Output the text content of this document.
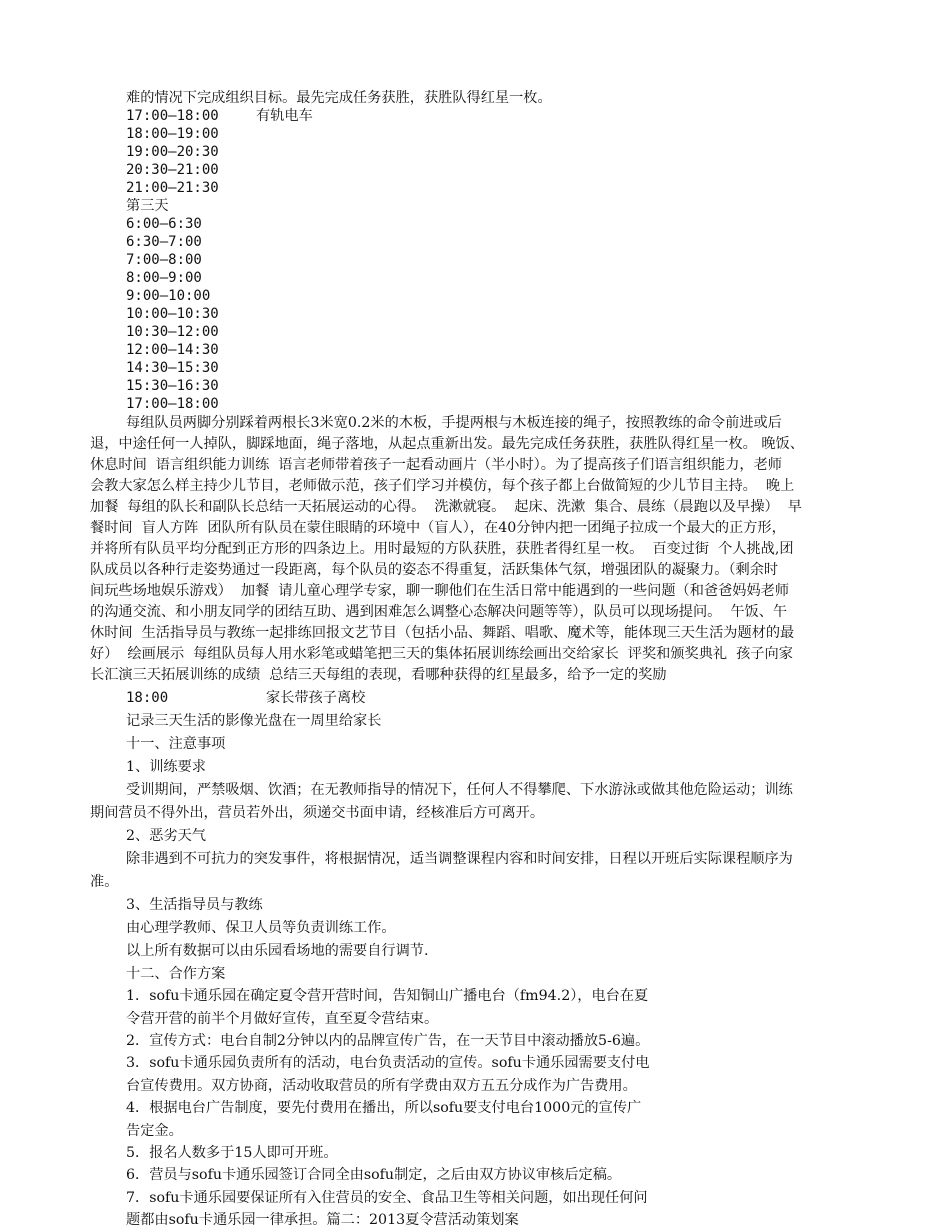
难的情况下完成组织目标。最先完成任务获胜，获胜队得红星一枚。
17:00—18:00	有轨电车
18:00—19:00
19:00—20:30
20:30—21:00
21:00—21:30
第三天
6:00—6:30
6:30—7:00
7:00—8:00
8:00—9:00
9:00—10:00
10:00—10:30
10:30—12:00
12:00—14:30
14:30—15:30
15:30—16:30
17:00—18:00
每组队员两脚分别踩着两根长3米宽0.2米的木板，手提两根与木板连接的绳子，按照教练的命令前进或后
退，中途任何一人掉队，脚踩地面，绳子落地，从起点重新出发。最先完成任务获胜，获胜队得红星一枚。 晚饭、
休息时间  语言组织能力训练  语言老师带着孩子一起看动画片（半小时）。为了提高孩子们语言组织能力，老师
会教大家怎么样主持少儿节目，老师做示范，孩子们学习并模仿，每个孩子都上台做简短的少儿节目主持。  晚上
加餐  每组的队长和副队长总结一天拓展运动的心得。  洗漱就寝。  起床、洗漱  集合、晨练（晨跑以及早操）  早
餐时间  盲人方阵  团队所有队员在蒙住眼睛的环境中（盲人），在40分钟内把一团绳子拉成一个最大的正方形，
并将所有队员平均分配到正方形的四条边上。用时最短的方队获胜，获胜者得红星一枚。  百变过街  个人挑战,团
队成员以各种行走姿势通过一段距离，每个队员的姿态不得重复，活跃集体气氛，增强团队的凝聚力。（剩余时
间玩些场地娱乐游戏）  加餐  请儿童心理学专家，聊一聊他们在生活日常中能遇到的一些问题（和爸爸妈妈老师
的沟通交流、和小朋友同学的团结互助、遇到困难怎么调整心态解决问题等等），队员可以现场提问。  午饭、午
休时间  生活指导员与教练一起排练回报文艺节目（包括小品、舞蹈、唱歌、魔术等，能体现三天生活为题材的最
好）  绘画展示  每组队员每人用水彩笔或蜡笔把三天的集体拓展训练绘画出交给家长  评奖和颁奖典礼  孩子向家
长汇演三天拓展训练的成绩  总结三天每组的表现，看哪种获得的红星最多，给予一定的奖励
18:00	家长带孩子离校
记录三天生活的影像光盘在一周里给家长
十一、注意事项
1、训练要求
受训期间，严禁吸烟、饮酒；在无教师指导的情况下，任何人不得攀爬、下水游泳或做其他危险运动；训练
期间营员不得外出，营员若外出，须递交书面申请，经核准后方可离开。
2、恶劣天气
除非遇到不可抗力的突发事件，将根据情况，适当调整课程内容和时间安排，日程以开班后实际课程顺序为
准。
3、生活指导员与教练
由心理学教师、保卫人员等负责训练工作。
以上所有数据可以由乐园看场地的需要自行调节.
十二、合作方案
1．sofu卡通乐园在确定夏令营开营时间，告知铜山广播电台（fm94.2），电台在夏
令营开营的前半个月做好宣传，直至夏令营结束。
2．宣传方式：电台自制2分钟以内的品牌宣传广告，在一天节目中滚动播放5-6遍。
3．sofu卡通乐园负责所有的活动，电台负责活动的宣传。sofu卡通乐园需要支付电
台宣传费用。双方协商，活动收取营员的所有学费由双方五五分成作为广告费用。
4．根据电台广告制度，要先付费用在播出，所以sofu要支付电台1000元的宣传广
告定金。
5．报名人数多于15人即可开班。
6．营员与sofu卡通乐园签订合同全由sofu制定，之后由双方协议审核后定稿。
7．sofu卡通乐园要保证所有入住营员的安全、食品卫生等相关问题，如出现任何问
题都由sofu卡通乐园一律承担。篇二：2013夏令营活动策划案
